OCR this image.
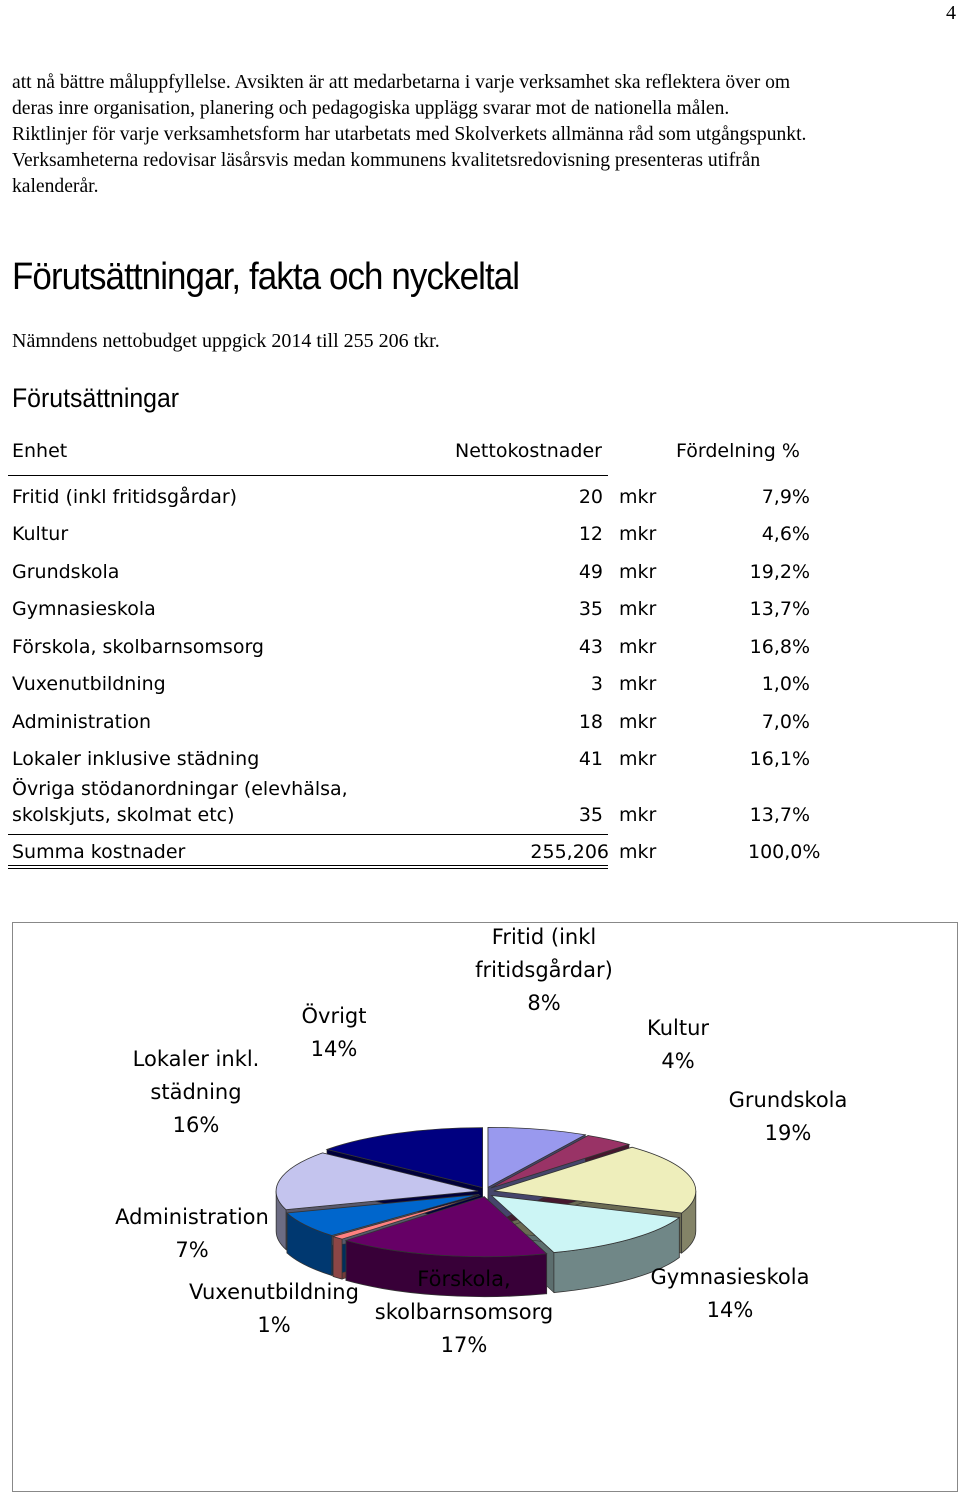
4
att nå bättre måluppfyllelse. Avsikten är att medarbetarna i varje verksamhet ska reflektera över om
deras inre organisation, planering och pedagogiska upplägg svarar mot de nationella målen.
Riktlinjer för varje verksamhetsform har utarbetats med Skolverkets allmänna råd som utgångspunkt.
Verksamheterna redovisar läsårsvis medan kommunens kvalitetsredovisning presenteras utifrån
kalenderår.
Förutsättningar, fakta och nyckeltal

Nämndens nettobudget uppgick 2014 till 255 206 tkr.

Förutsättningar
Enhet	Nettokostnader	Fördelning %
Fritid (inkl fritidsgårdar)	20 mkr	7,9%
Kultur	12 mkr	4,6%
Grundskola	49 mkr	19,2%
Gymnasieskola	35 mkr	13,7%
Förskola, skolbarnsomsorg	43 mkr	16,8%
Vuxenutbildning	3 mkr	1,0%
Administration	18 mkr	7,0%
Lokaler inklusive städning	41 mkr	16,1%
Övriga stödanordningar (elevhälsa,
skolskjuts, skolmat etc)	35 mkr	13,7%
Summa kostnader	255,206 mkr	100,0%
Fritid (inkl fritidsgårdar) 8%
Kultur 4%
Grundskola 19%
Gymnasieskola 14%
Förskola, skolbarnsomsorg 17%
Vuxenutbildning 1%
Administration 7%
Lokaler inkl. städning 16%
Övrigt 14%
